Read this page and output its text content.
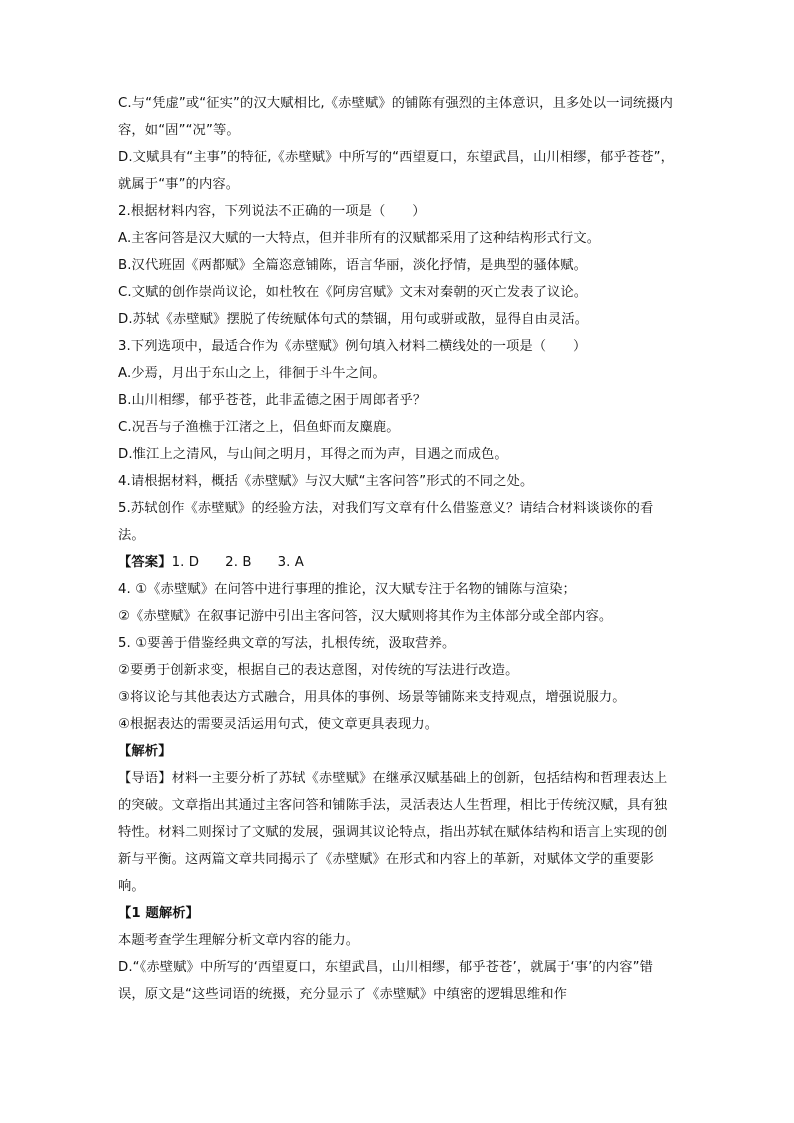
C.与“凭虚”或“征实”的汉大赋相比,《赤壁赋》的铺陈有强烈的主体意识，且多处以一词统摄内容，如“固”“况”等。

D.文赋具有“主事”的特征,《赤壁赋》中所写的“西望夏口，东望武昌，山川相缪，郁乎苍苍”，就属于“事”的内容。

2.根据材料内容，下列说法不正确的一项是（　　）

A.主客问答是汉大赋的一大特点，但并非所有的汉赋都采用了这种结构形式行文。

B.汉代班固《两都赋》全篇恣意铺陈，语言华丽，淡化抒情，是典型的骚体赋。

C.文赋的创作崇尚议论，如杜牧在《阿房宫赋》文末对秦朝的灭亡发表了议论。

D.苏轼《赤壁赋》摆脱了传统赋体句式的禁锢，用句或骈或散，显得自由灵活。

3.下列选项中，最适合作为《赤壁赋》例句填入材料二横线处的一项是（　　）

A.少焉，月出于东山之上，徘徊于斗牛之间。

B.山川相缪，郁乎苍苍，此非孟德之困于周郎者乎？

C.况吾与子渔樵于江渚之上，侣鱼虾而友麋鹿。

D.惟江上之清风，与山间之明月，耳得之而为声，目遇之而成色。

4.请根据材料，概括《赤壁赋》与汉大赋“主客问答”形式的不同之处。

5.苏轼创作《赤壁赋》的经验方法，对我们写文章有什么借鉴意义？请结合材料谈谈你的看法。

【答案】1. D 2. B 3. A

4. ①《赤壁赋》在问答中进行事理的推论，汉大赋专注于名物的铺陈与渲染；

②《赤壁赋》在叙事记游中引出主客问答，汉大赋则将其作为主体部分或全部内容。

5. ①要善于借鉴经典文章的写法，扎根传统，汲取营养。

②要勇于创新求变，根据自己的表达意图，对传统的写法进行改造。

③将议论与其他表达方式融合，用具体的事例、场景等铺陈来支持观点，增强说服力。

④根据表达的需要灵活运用句式，使文章更具表现力。

【解析】

【导语】材料一主要分析了苏轼《赤壁赋》在继承汉赋基础上的创新，包括结构和哲理表达上的突破。文章指出其通过主客问答和铺陈手法，灵活表达人生哲理，相比于传统汉赋，具有独特性。材料二则探讨了文赋的发展，强调其议论特点，指出苏轼在赋体结构和语言上实现的创新与平衡。这两篇文章共同揭示了《赤壁赋》在形式和内容上的革新，对赋体文学的重要影响。

【1 题解析】

本题考查学生理解分析文章内容的能力。

D.“《赤壁赋》中所写的‘西望夏口，东望武昌，山川相缪，郁乎苍苍’，就属于‘事’的内容”错误，原文是“这些词语的统摄，充分显示了《赤壁赋》中缜密的逻辑思维和作
